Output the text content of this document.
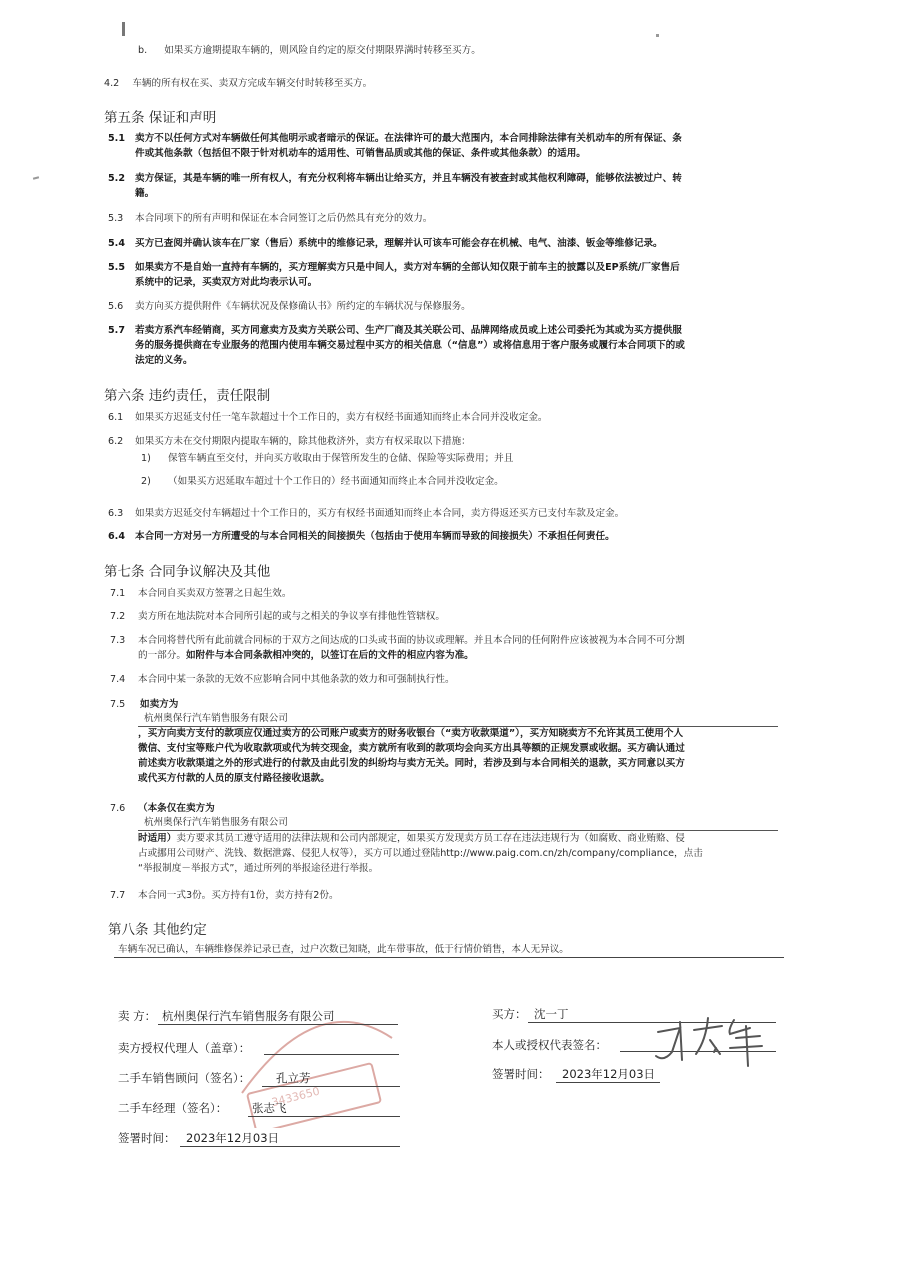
b. 如果买方逾期提取车辆的，则风险自约定的原交付期限界满时转移至买方。
4.2 车辆的所有权在买、卖双方完成车辆交付时转移至买方。
第五条 保证和声明
5.1 卖方不以任何方式对车辆做任何其他明示或者暗示的保证。在法律许可的最大范围内，本合同排除法律有关机动车的所有保证、条
件或其他条款（包括但不限于针对机动车的适用性、可销售品质或其他的保证、条件或其他条款）的适用。
5.2 卖方保证，其是车辆的唯一所有权人，有充分权利将车辆出让给买方，并且车辆没有被查封或其他权利障碍，能够依法被过户、转
籍。
5.3 本合同项下的所有声明和保证在本合同签订之后仍然具有充分的效力。
5.4 买方已查阅并确认该车在厂家（售后）系统中的维修记录，理解并认可该车可能会存在机械、电气、油漆、钣金等维修记录。
5.5 如果卖方不是自始一直持有车辆的，买方理解卖方只是中间人，卖方对车辆的全部认知仅限于前车主的披露以及EP系统/厂家售后
系统中的记录，买卖双方对此均表示认可。
5.6 卖方向买方提供附件《车辆状况及保修确认书》所约定的车辆状况与保修服务。
5.7 若卖方系汽车经销商，买方同意卖方及卖方关联公司、生产厂商及其关联公司、品牌网络成员或上述公司委托为其或为买方提供服
务的服务提供商在专业服务的范围内使用车辆交易过程中买方的相关信息（“信息”）或将信息用于客户服务或履行本合同项下的或
法定的义务。
第六条 违约责任，责任限制
6.1 如果买方迟延支付任一笔车款超过十个工作日的，卖方有权经书面通知而终止本合同并没收定金。
6.2 如果买方未在交付期限内提取车辆的，除其他救济外，卖方有权采取以下措施：
1) 保管车辆直至交付，并向买方收取由于保管所发生的仓储、保险等实际费用；并且
2) （如果买方迟延取车超过十个工作日的）经书面通知而终止本合同并没收定金。
6.3 如果卖方迟延交付车辆超过十个工作日的，买方有权经书面通知而终止本合同，卖方得返还买方已支付车款及定金。
6.4 本合同一方对另一方所遭受的与本合同相关的间接损失（包括由于使用车辆而导致的间接损失）不承担任何责任。
第七条 合同争议解决及其他
7.1 本合同自买卖双方签署之日起生效。
7.2 卖方所在地法院对本合同所引起的或与之相关的争议享有排他性管辖权。
7.3 本合同将替代所有此前就合同标的于双方之间达成的口头或书面的协议或理解。并且本合同的任何附件应该被视为本合同不可分割
的一部分。如附件与本合同条款相冲突的，以签订在后的文件的相应内容为准。
7.4 本合同中某一条款的无效不应影响合同中其他条款的效力和可强制执行性。
7.5 如卖方为
杭州奥保行汽车销售服务有限公司
，买方向卖方支付的款项应仅通过卖方的公司账户或卖方的财务收银台（“卖方收款渠道”），买方知晓卖方不允许其员工使用个人
微信、支付宝等账户代为收取款项或代为转交现金，卖方就所有收到的款项均会向买方出具等额的正规发票或收据。买方确认通过
前述卖方收款渠道之外的形式进行的付款及由此引发的纠纷均与卖方无关。同时，若涉及到与本合同相关的退款，买方同意以买方
或代买方付款的人员的原支付路径接收退款。
7.6 （本条仅在卖方为
杭州奥保行汽车销售服务有限公司
时适用）卖方要求其员工遵守适用的法律法规和公司内部规定，如果买方发现卖方员工存在违法违规行为（如腐败、商业贿赂、侵
占或挪用公司财产、洗钱、数据泄露、侵犯人权等），买方可以通过登陆http://www.paig.com.cn/zh/company/compliance，点击
“举报制度－举报方式”，通过所列的举报途径进行举报。
7.7 本合同一式3份。买方持有1份，卖方持有2份。
第八条 其他约定
车辆车况已确认，车辆维修保养记录已查，过户次数已知晓，此车带事故，低于行情价销售，本人无异议。
3433650
卖 方： 杭州奥保行汽车销售服务有限公司
卖方授权代理人（盖章）：
二手车销售顾问（签名）：	孔立芳
二手车经理（签名）：	张志飞
签署时间： 2023年12月03日
买方： 沈一丁
本人或授权代表签名：
签署时间：	2023年12月03日
